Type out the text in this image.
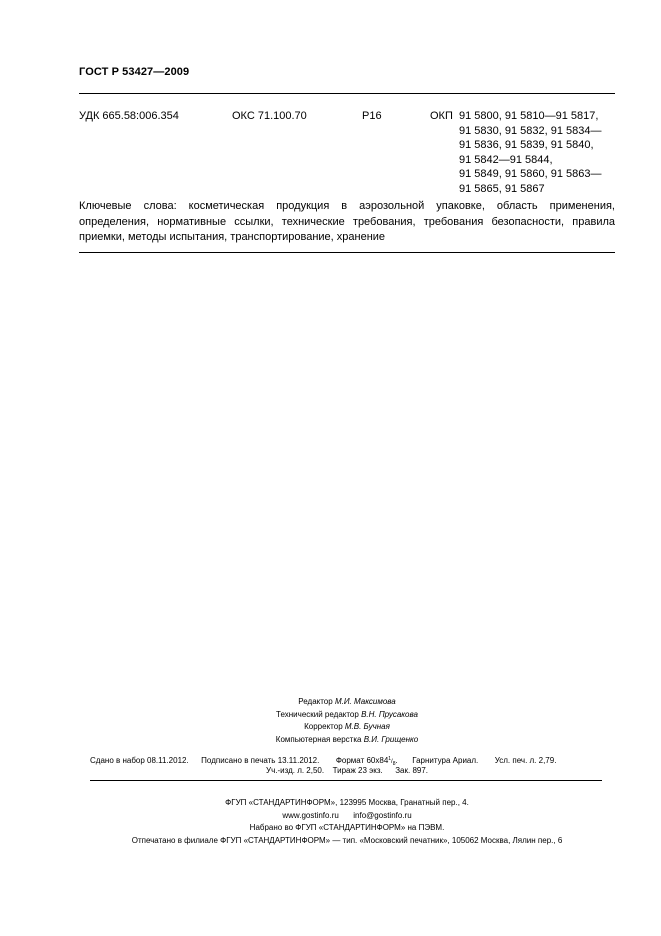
ГОСТ Р 53427—2009
УДК 665.58:006.354	ОКС 71.100.70	Р16	ОКП 91 5800, 91 5810—91 5817,
91 5830, 91 5832, 91 5834—
91 5836, 91 5839, 91 5840,
91 5842—91 5844,
91 5849, 91 5860, 91 5863—
91 5865, 91 5867
Ключевые слова: косметическая продукция в аэрозольной упаковке, область применения, определения, нормативные ссылки, технические требования, требования безопасности, правила приемки, методы испытания, транспортирование, хранение
Редактор М.И. Максимова
Технический редактор В.Н. Прусакова
Корректор М.В. Бучная
Компьютерная верстка В.И. Грищенко
Сдано в набор 08.11.2012. Подписано в печать 13.11.2012. Формат $60х84^1/_8$. Гарнитура Ариал. Усл. печ. л. 2,79.
Уч.-изд. л. 2,50. Тираж 23 экз. Зак. 897.
ФГУП «СТАНДАРТИНФОРМ», 123995 Москва, Гранатный пер., 4.
www.gostinfo.ru info@gostinfo.ru
Набрано во ФГУП «СТАНДАРТИНФОРМ» на ПЭВМ.
Отпечатано в филиале ФГУП «СТАНДАРТИНФОРМ» — тип. «Московский печатник», 105062 Москва, Лялин пер., 6
